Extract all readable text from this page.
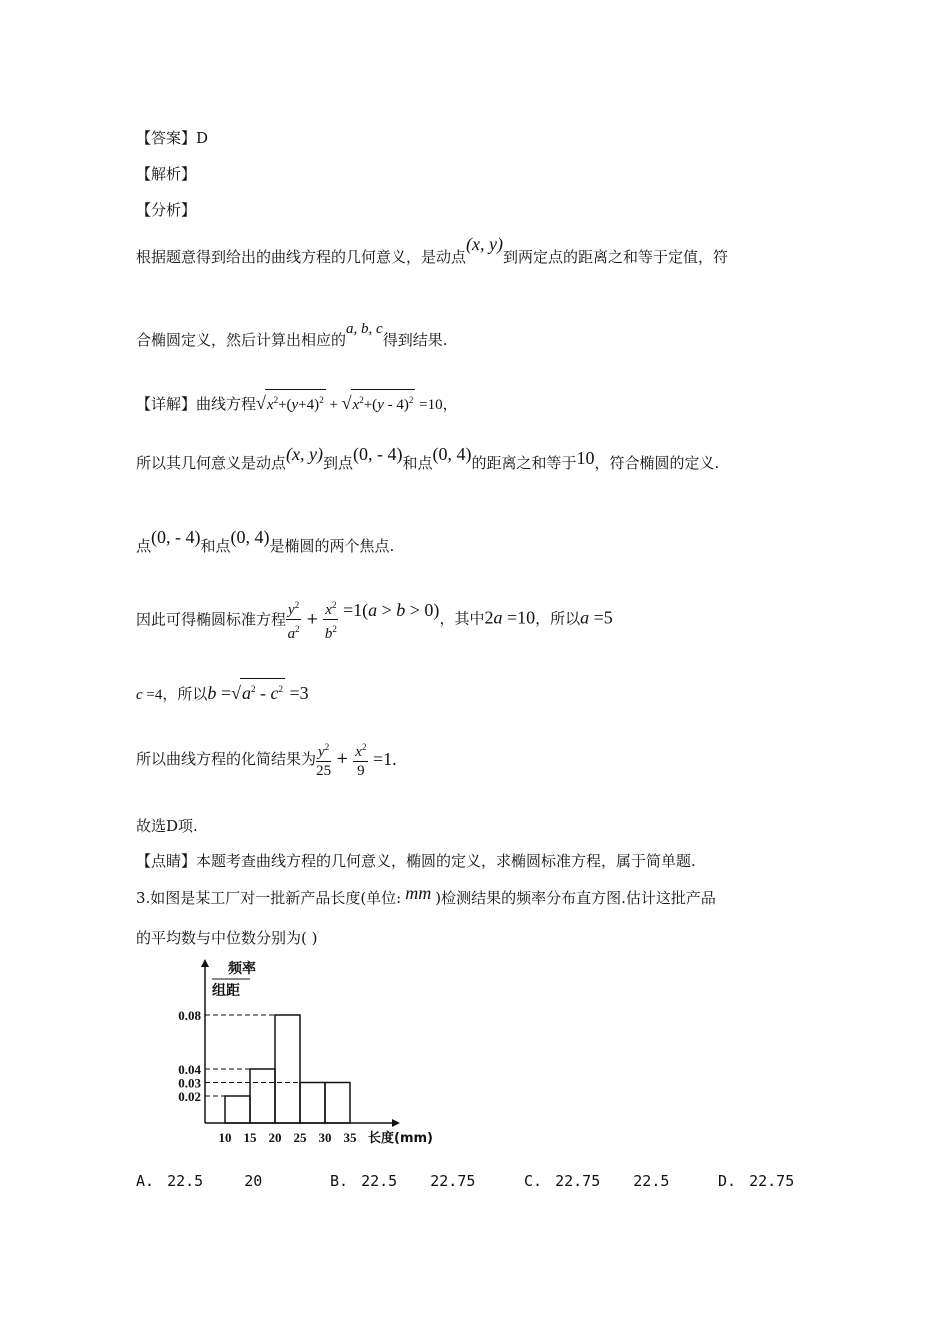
【答案】D
【解析】
【分析】
根据题意得到给出的曲线方程的几何意义，是动点(x, y)到两定点的距离之和等于定值，符
合椭圆定义，然后计算出相应的a, b, c得到结果.
【详解】曲线方程$√x^2+(y+4)^2 + √x^2+(y - 4)^2 =10$，
所以其几何意义是动点(x, y)到点(0, - 4)和点(0, 4)的距离之和等于10，符合椭圆的定义.
点(0, - 4)和点(0, 4)是椭圆的两个焦点.
因此可得椭圆标准方程 $\frac{y^2}{a^2} + \frac{x^2}{b^2} =1(a > b > 0)$，其中2a =10，所以a =5
c =4，所以$b =√a^2 - c^2 =3$
所以曲线方程的化简结果为 $\frac{y^2}{25} + \frac{x^2}{9} =1$.
故选D项.
【点睛】本题考查曲线方程的几何意义，椭圆的定义，求椭圆标准方程，属于简单题.
3.如图是某工厂对一批新产品长度(单位: mm )检测结果的频率分布直方图.估计这批产品
的平均数与中位数分别为( )
频率
组距
0.02
0.03
0.04
0.08
10 15 20 25 30 35 长度(mm)
A. 22.5	20	B. 22.5 22.75	C. 22.75 22.5	D. 22.75
